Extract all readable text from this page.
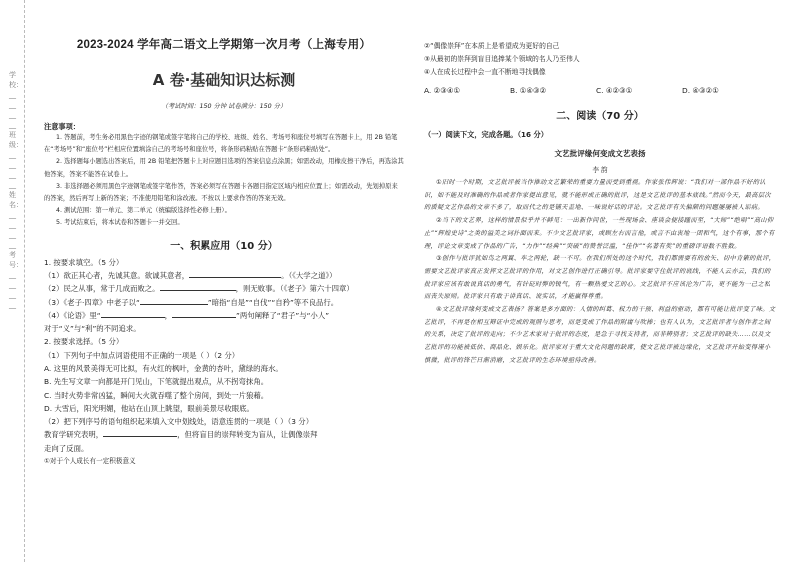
学校：________ 班级：________ 姓名：________ 考号：________
2023-2024 学年高二语文上学期第一次月考（上海专用）
A 卷·基础知识达标测
（考试时间：150 分钟 试卷满分：150 分）
注意事项：

1. 答题前，考生务必用黑色字迹的钢笔或签字笔将自己的学校、班级、姓名、考场号和座位号填写在答题卡上，用 2B 铅笔在“考场号”和“座位号”栏相应位置填涂自己的考场号和座位号，将条形码粘贴在答题卡“条形码粘贴处”。

2. 选择题每小题选出答案后，用 2B 铅笔把答题卡上对应题目选项的答案信息点涂黑；如需改动，用橡皮擦干净后，再选涂其他答案，答案不能答在试卷上。

3. 非选择题必须用黑色字迹钢笔或签字笔作答，答案必须写在答题卡各题目指定区域内相应位置上；如需改动，先划掉原来的答案，然后再写上新的答案；不准使用铅笔和涂改液。不按以上要求作答的答案无效。

4. 测试范围：第一单元、第二单元（统编版选择性必修上册）。

5. 考试结束后，将本试卷和答题卡一并交回。

一、积累应用（10 分）

1. 按要求填空。（5 分）

（1）欲正其心者，先诚其意。欲诚其意者，	。（《大学之道》）

（2）民之从事，常于几成而败之。	，则无败事。（《老子》第六十四章）

（3）《老子·四章》中老子以“	”暗指“自是”“自伐”“自矜”等不良品行。

（4）《论语》里“	，	”两句阐释了“君子”与“小人”

对于“义”与“利”的不同追求。

2. 按要求选择。（5 分）

（1）下列句子中加点词语使用不正确的一项是（ ）（2 分）

A. 这里的风景美得无可比拟，有火红的枫叶，金黄的杏叶，黛绿的海水。

B. 先生写文章一向都是开门见山，下笔就提出观点，从不拐弯抹角。

C. 当时火势非常凶猛，瞬间大火就吞噬了整个房间，到处一片狼藉。

D. 大雪后，阳光明媚，他站在山顶上眺望，眼前美景尽收眼底。

（2）把下列序号的语句组织起来填入文中划线处，语意连贯的一项是（ ）（3 分）

教育学研究表明，	，但将盲目的崇拜转变为盲从，让偶像崇拜

走向了反面。

①对于个人成长有一定积极意义

②“偶像崇拜”在本质上是希望成为更好的自己

③从最初的崇拜到盲目追捧某个领域的名人乃至伟人

④人在成长过程中会一直不断地寻找偶像

A. ②③④①	B. ①④③②	C. ④②③①	D. ④③②①
二、阅读（70 分）
（一）阅读下文，完成各题。（16 分）
文艺批评缘何变成文艺表扬
李 韵

①旧时一个时期，文艺批评被当作推动文艺繁荣的重要力量而受到重视。作家张伟辉说：“我们对一部作品不好的认识，如不能及时准确的作品或者作家提出意见，就不能形成正确的批评，这是文艺批评的基本底线。”然而今天，最高层次的质疑文艺作品的文章不多了，取而代之的是铺天盖地、一味说好话的评论。文艺批评有失偏颇的问题屡屡被人诟病。

②当下的文艺界，这样的情景似乎并不鲜见：一出新作问世，一些现场会、座谈会便接踵而至，“大师”“绝唱”“高山仰止”“辉煌史诗”之类的溢美之词扑面而来。不少文艺批评家，或顾左右而言他，或言不由衷地一团和气，这个有事，那个有理，评论文章变成了作品的广告，“力作”“经典”“突破”的赞誉泛滥，“佳作”“名著有奖”的重磅评语数不胜数。

③创作与批评犹如鸟之两翼、车之两轮，缺一不可。在我们所处的这个时代，我们都需要有的放矢、切中肯綮的批评，需要文艺批评家真正发挥文艺批评的作用，对文艺创作进行正确引导。批评家要守住批评的底线，不能人云亦云，我们的批评家应该有敢说真话的勇气，有针砭时弊的锐气，有一颗热爱文艺的心。文艺批评不应该沦为广告，更不能为一己之私而丧失原则。批评家只有敢于讲真话、说实话，才能赢得尊重。

④文艺批评缘何变成文艺表扬？答案是多方面的：人情的纠葛、权力的干预、利益的驱动，都有可能让批评变了味。文艺批评，不再是在相互辩证中完成的观照与思考，而是变成了作品的附庸与吹捧；也有人认为，文艺批评者与创作者之间的关系，决定了批评的走向；不少艺术家对于批评的态度，是急于寻找支持者，而非辨别者；文艺批评的缺失……以及文艺批评的功能被低估、商品化、娱乐化。批评家对于重大文化问题的缺席，使文艺批评被边缘化，文艺批评开始变得谨小慎微，批评的锋芒日渐消磨，文艺批评的生态环境亟待改善。
